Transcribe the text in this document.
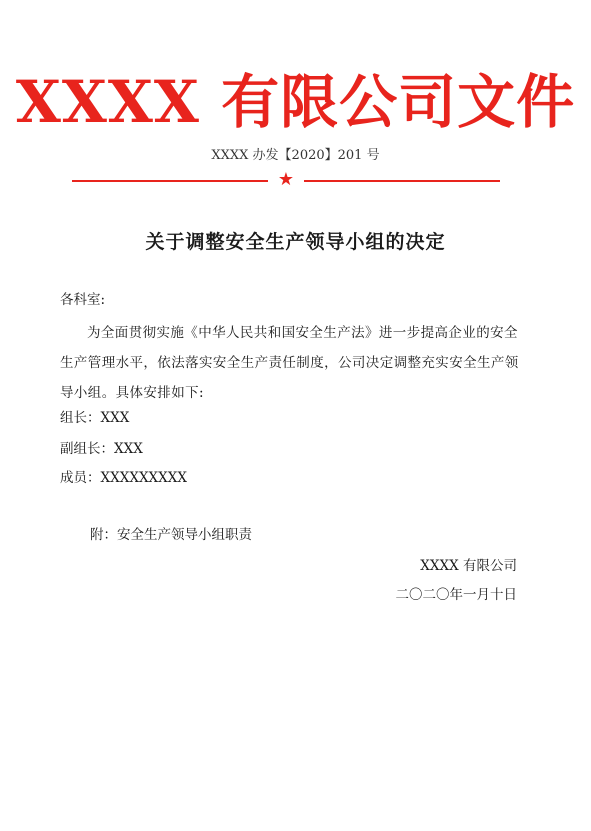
XXXX 有限公司文件
XXXX 办发【2020】201 号
★
关于调整安全生产领导小组的决定
各科室:
为全面贯彻实施《中华人民共和国安全生产法》进一步提高企业的安全生产管理水平，依法落实安全生产责任制度，公司决定调整充实安全生产领导小组。具体安排如下:
组长：XXX
副组长：XXX
成员：XXXXXXXXX
附：安全生产领导小组职责
XXXX 有限公司
二〇二〇年一月十日
